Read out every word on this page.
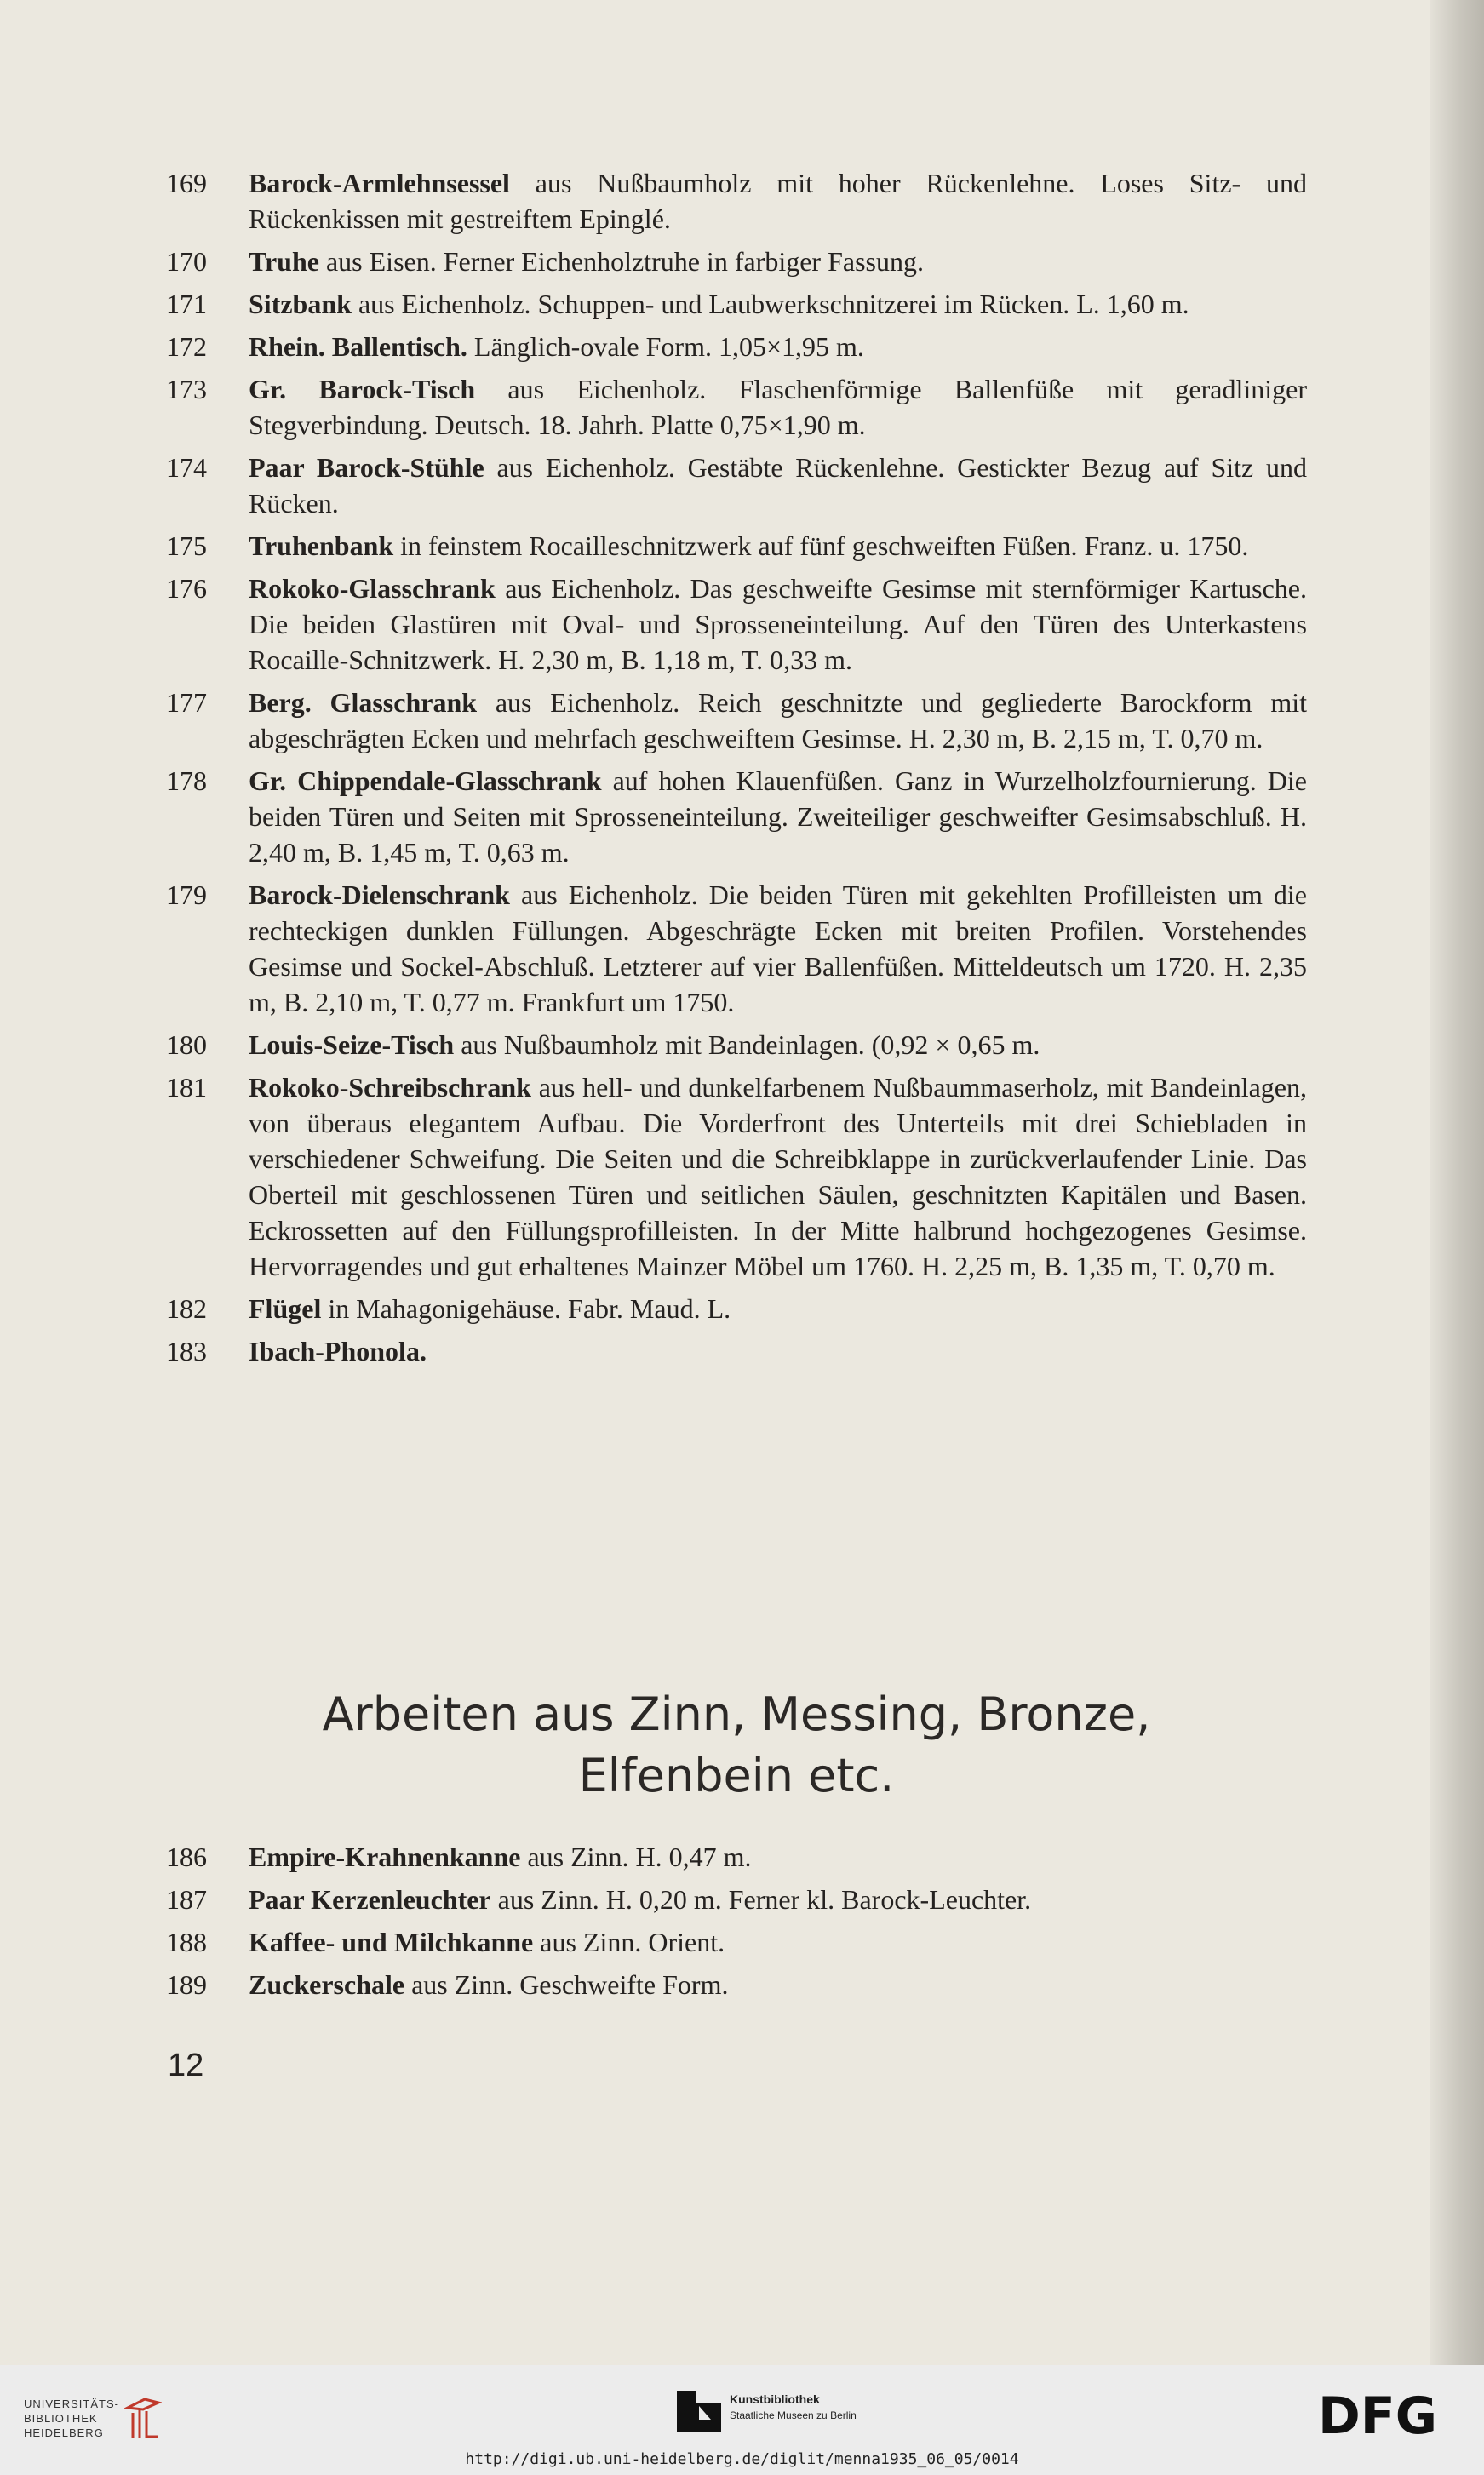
169	Barock-Armlehnsessel aus Nußbaumholz mit hoher Rückenlehne. Loses Sitz- und Rückenkissen mit gestreiftem Epinglé.
170	Truhe aus Eisen. Ferner Eichenholztruhe in farbiger Fassung.
171	Sitzbank aus Eichenholz. Schuppen- und Laubwerkschnitzerei im Rücken. L. 1,60 m.
172	Rhein. Ballentisch. Länglich-ovale Form. 1,05×1,95 m.
173	Gr. Barock-Tisch aus Eichenholz. Flaschenförmige Ballenfüße mit geradliniger Stegverbindung. Deutsch. 18. Jahrh. Platte 0,75×1,90 m.
174	Paar Barock-Stühle aus Eichenholz. Gestäbte Rückenlehne. Gestickter Bezug auf Sitz und Rücken.
175	Truhenbank in feinstem Rocailleschnitzwerk auf fünf geschweiften Füßen. Franz. u. 1750.
176	Rokoko-Glasschrank aus Eichenholz. Das geschweifte Gesimse mit sternförmiger Kartusche. Die beiden Glastüren mit Oval- und Sprosseneinteilung. Auf den Türen des Unterkastens Rocaille-Schnitzwerk. H. 2,30 m, B. 1,18 m, T. 0,33 m.
177	Berg. Glasschrank aus Eichenholz. Reich geschnitzte und gegliederte Barockform mit abgeschrägten Ecken und mehrfach geschweiftem Gesimse. H. 2,30 m, B. 2,15 m, T. 0,70 m.
178	Gr. Chippendale-Glasschrank auf hohen Klauenfüßen. Ganz in Wurzelholzfournierung. Die beiden Türen und Seiten mit Sprosseneinteilung. Zweiteiliger geschweifter Gesimsabschluß. H. 2,40 m, B. 1,45 m, T. 0,63 m.
179	Barock-Dielenschrank aus Eichenholz. Die beiden Türen mit gekehlten Profilleisten um die rechteckigen dunklen Füllungen. Abgeschrägte Ecken mit breiten Profilen. Vorstehendes Gesimse und Sockel-Abschluß. Letzterer auf vier Ballenfüßen. Mitteldeutsch um 1720. H. 2,35 m, B. 2,10 m, T. 0,77 m. Frankfurt um 1750.
180	Louis-Seize-Tisch aus Nußbaumholz mit Bandeinlagen. (0,92 × 0,65 m.
181	Rokoko-Schreibschrank aus hell- und dunkelfarbenem Nußbaummaserholz, mit Bandeinlagen, von überaus elegantem Aufbau. Die Vorderfront des Unterteils mit drei Schiebladen in verschiedener Schweifung. Die Seiten und die Schreibklappe in zurückverlaufender Linie. Das Oberteil mit geschlossenen Türen und seitlichen Säulen, geschnitzten Kapitälen und Basen. Eckrossetten auf den Füllungsprofilleisten. In der Mitte halbrund hochgezogenes Gesimse. Hervorragendes und gut erhaltenes Mainzer Möbel um 1760. H. 2,25 m, B. 1,35 m, T. 0,70 m.
182	Flügel in Mahagonigehäuse. Fabr. Maud. L.
183	Ibach-Phonola.
Arbeiten aus Zinn, Messing, Bronze,
Elfenbein etc.
186	Empire-Krahnenkanne aus Zinn. H. 0,47 m.
187	Paar Kerzenleuchter aus Zinn. H. 0,20 m. Ferner kl. Barock-Leuchter.
188	Kaffee- und Milchkanne aus Zinn. Orient.
189	Zuckerschale aus Zinn. Geschweifte Form.
12
UNIVERSITÄTS-
BIBLIOTHEK
HEIDELBERG
Kunstbibliothek
Staatliche Museen zu Berlin	DFG
http://digi.ub.uni-heidelberg.de/diglit/menna1935_06_05/0014
